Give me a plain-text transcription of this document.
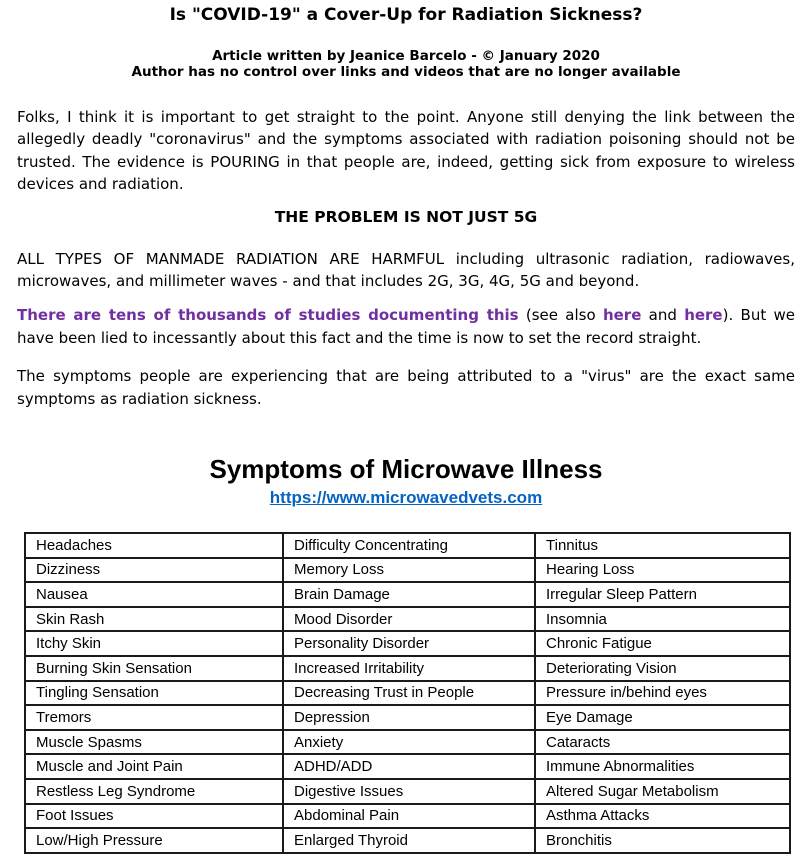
Is "COVID-19" a Cover-Up for Radiation Sickness?
Article written by Jeanice Barcelo - © January 2020
Author has no control over links and videos that are no longer available

Folks, I think it is important to get straight to the point. Anyone still denying the link between the allegedly deadly "coronavirus" and the symptoms associated with radiation poisoning should not be trusted. The evidence is POURING in that people are, indeed, getting sick from exposure to wireless devices and radiation.

THE PROBLEM IS NOT JUST 5G

ALL TYPES OF MANMADE RADIATION ARE HARMFUL including ultrasonic radiation, radiowaves, microwaves, and millimeter waves - and that includes 2G, 3G, 4G, 5G and beyond.

There are tens of thousands of studies documenting this (see also here and here). But we have been lied to incessantly about this fact and the time is now to set the record straight.

The symptoms people are experiencing that are being attributed to a "virus" are the exact same symptoms as radiation sickness.

Symptoms of Microwave Illness
https://www.microwavedvets.com
Headaches	Difficulty Concentrating	Tinnitus
Dizziness	Memory Loss	Hearing Loss
Nausea	Brain Damage	Irregular Sleep Pattern
Skin Rash	Mood Disorder	Insomnia
Itchy Skin	Personality Disorder	Chronic Fatigue
Burning Skin Sensation	Increased Irritability	Deteriorating Vision
Tingling Sensation	Decreasing Trust in People	Pressure in/behind eyes
Tremors	Depression	Eye Damage
Muscle Spasms	Anxiety	Cataracts
Muscle and Joint Pain	ADHD/ADD	Immune Abnormalities
Restless Leg Syndrome	Digestive Issues	Altered Sugar Metabolism
Foot Issues	Abdominal Pain	Asthma Attacks
Low/High Pressure	Enlarged Thyroid	Bronchitis
